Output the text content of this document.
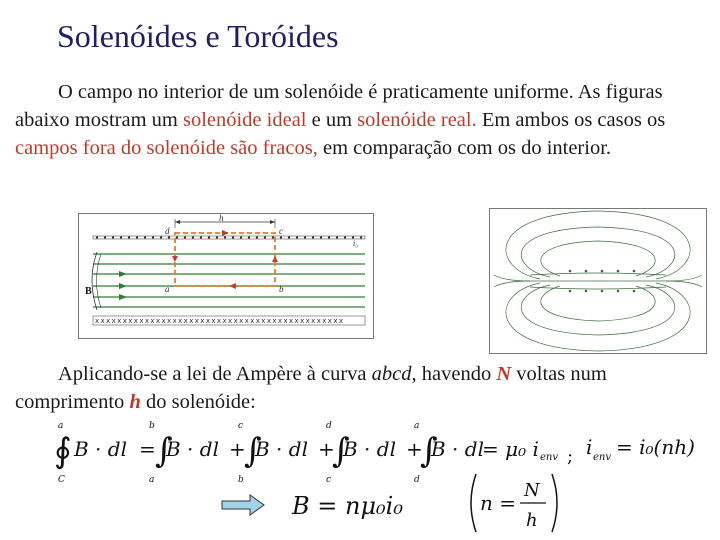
Solenóides e Toróides
O campo no interior de um solenóide é praticamente uniforme. As figuras abaixo mostram um solenóide ideal e um solenóide real. Em ambos os casos os campos fora do solenóide são fracos, em comparação com os do interior.
xxxxxxxxxxxxxxxxxxxxxxxxxxxxxxxxxxxxxxxxxxxxx
h
d	c
a	b
B
i₀
Aplicando-se a lei de Ampère à curva abcd, havendo N voltas num comprimento h do solenóide:
∮
a
C
B · dl = ∫
b
a
B · dl +
∫
c
b
B · dl +
∫
d
c
B · dl +
∫
a
d
B · dl
= μ₀ i env ; i env = i₀(nh)
B = nμ₀i₀	n =
N
h
